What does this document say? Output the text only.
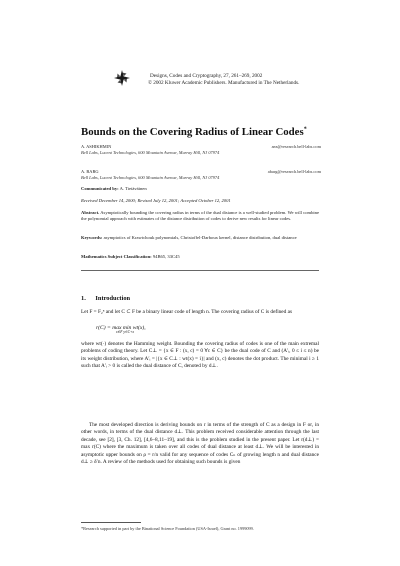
Designs, Codes and Cryptography, 27, 261–269, 2002
© 2002 Kluwer Academic Publishers. Manufactured in The Netherlands.
Bounds on the Covering Radius of Linear Codes*
A. ASHIKHMIN	aea@research.bell-labs.com
Bell Labs, Lucent Technologies, 600 Mountain Avenue, Murray Hill, NJ 07974
A. BARG	abarg@research.bell-labs.com
Bell Labs, Lucent Technologies, 600 Mountain Avenue, Murray Hill, NJ 07974
Communicated by: A. Tietäväinen
Received December 14, 2000; Revised July 12, 2001; Accepted October 12, 2001
Abstract. Asymptotically bounding the covering radius in terms of the dual distance is a well-studied problem. We will combine the polynomial approach with estimates of the distance distribution of codes to derive new results for linear codes.
Keywords: asymptotics of Krawtchouk polynomials, Christoffel-Darboux kernel, distance distribution, dual distance
Mathematics Subject Classification: 94B65, 33C45
1. Introduction
Let F = F₂ⁿ and let C ⊂ F be a binary linear code of length n. The covering radius of C is defined as
r(C) = max min wt(x),
x∈F y∈C+x
where wt(·) denotes the Hamming weight. Bounding the covering radius of codes is one of the main extremal problems of coding theory. Let C⊥ = {x ∈ F : (x, c) = 0 ∀c ∈ C} be the dual code of C and (A′ᵢ, 0 ≤ i ≤ n) be its weight distribution, where A′ᵢ = |{x ∈ C⊥ : wt(x) = i}| and (x, c) denotes the dot product. The minimal i ≥ 1 such that A′ᵢ > 0 is called the dual distance of C, denoted by d⊥.
The most developed direction is deriving bounds on r in terms of the strength of C as a design in F or, in other words, in terms of the dual distance d⊥. This problem received considerable attention through the last decade, see [2], [3, Ch. 12], [4,6–8,11–19], and this is the problem studied in the present paper. Let r(d⊥) = max r(C) where the maximum is taken over all codes of dual distance at least d⊥. We will be interested in asymptotic upper bounds on ρ = r/n valid for any sequence of codes Cₙ of growing length n and dual distance d⊥ ≥ δ′n. A review of the methods used for obtaining such bounds is given
*Research supported in part by the Binational Science Foundation (USA-Israel), Grant no. 1999099.
